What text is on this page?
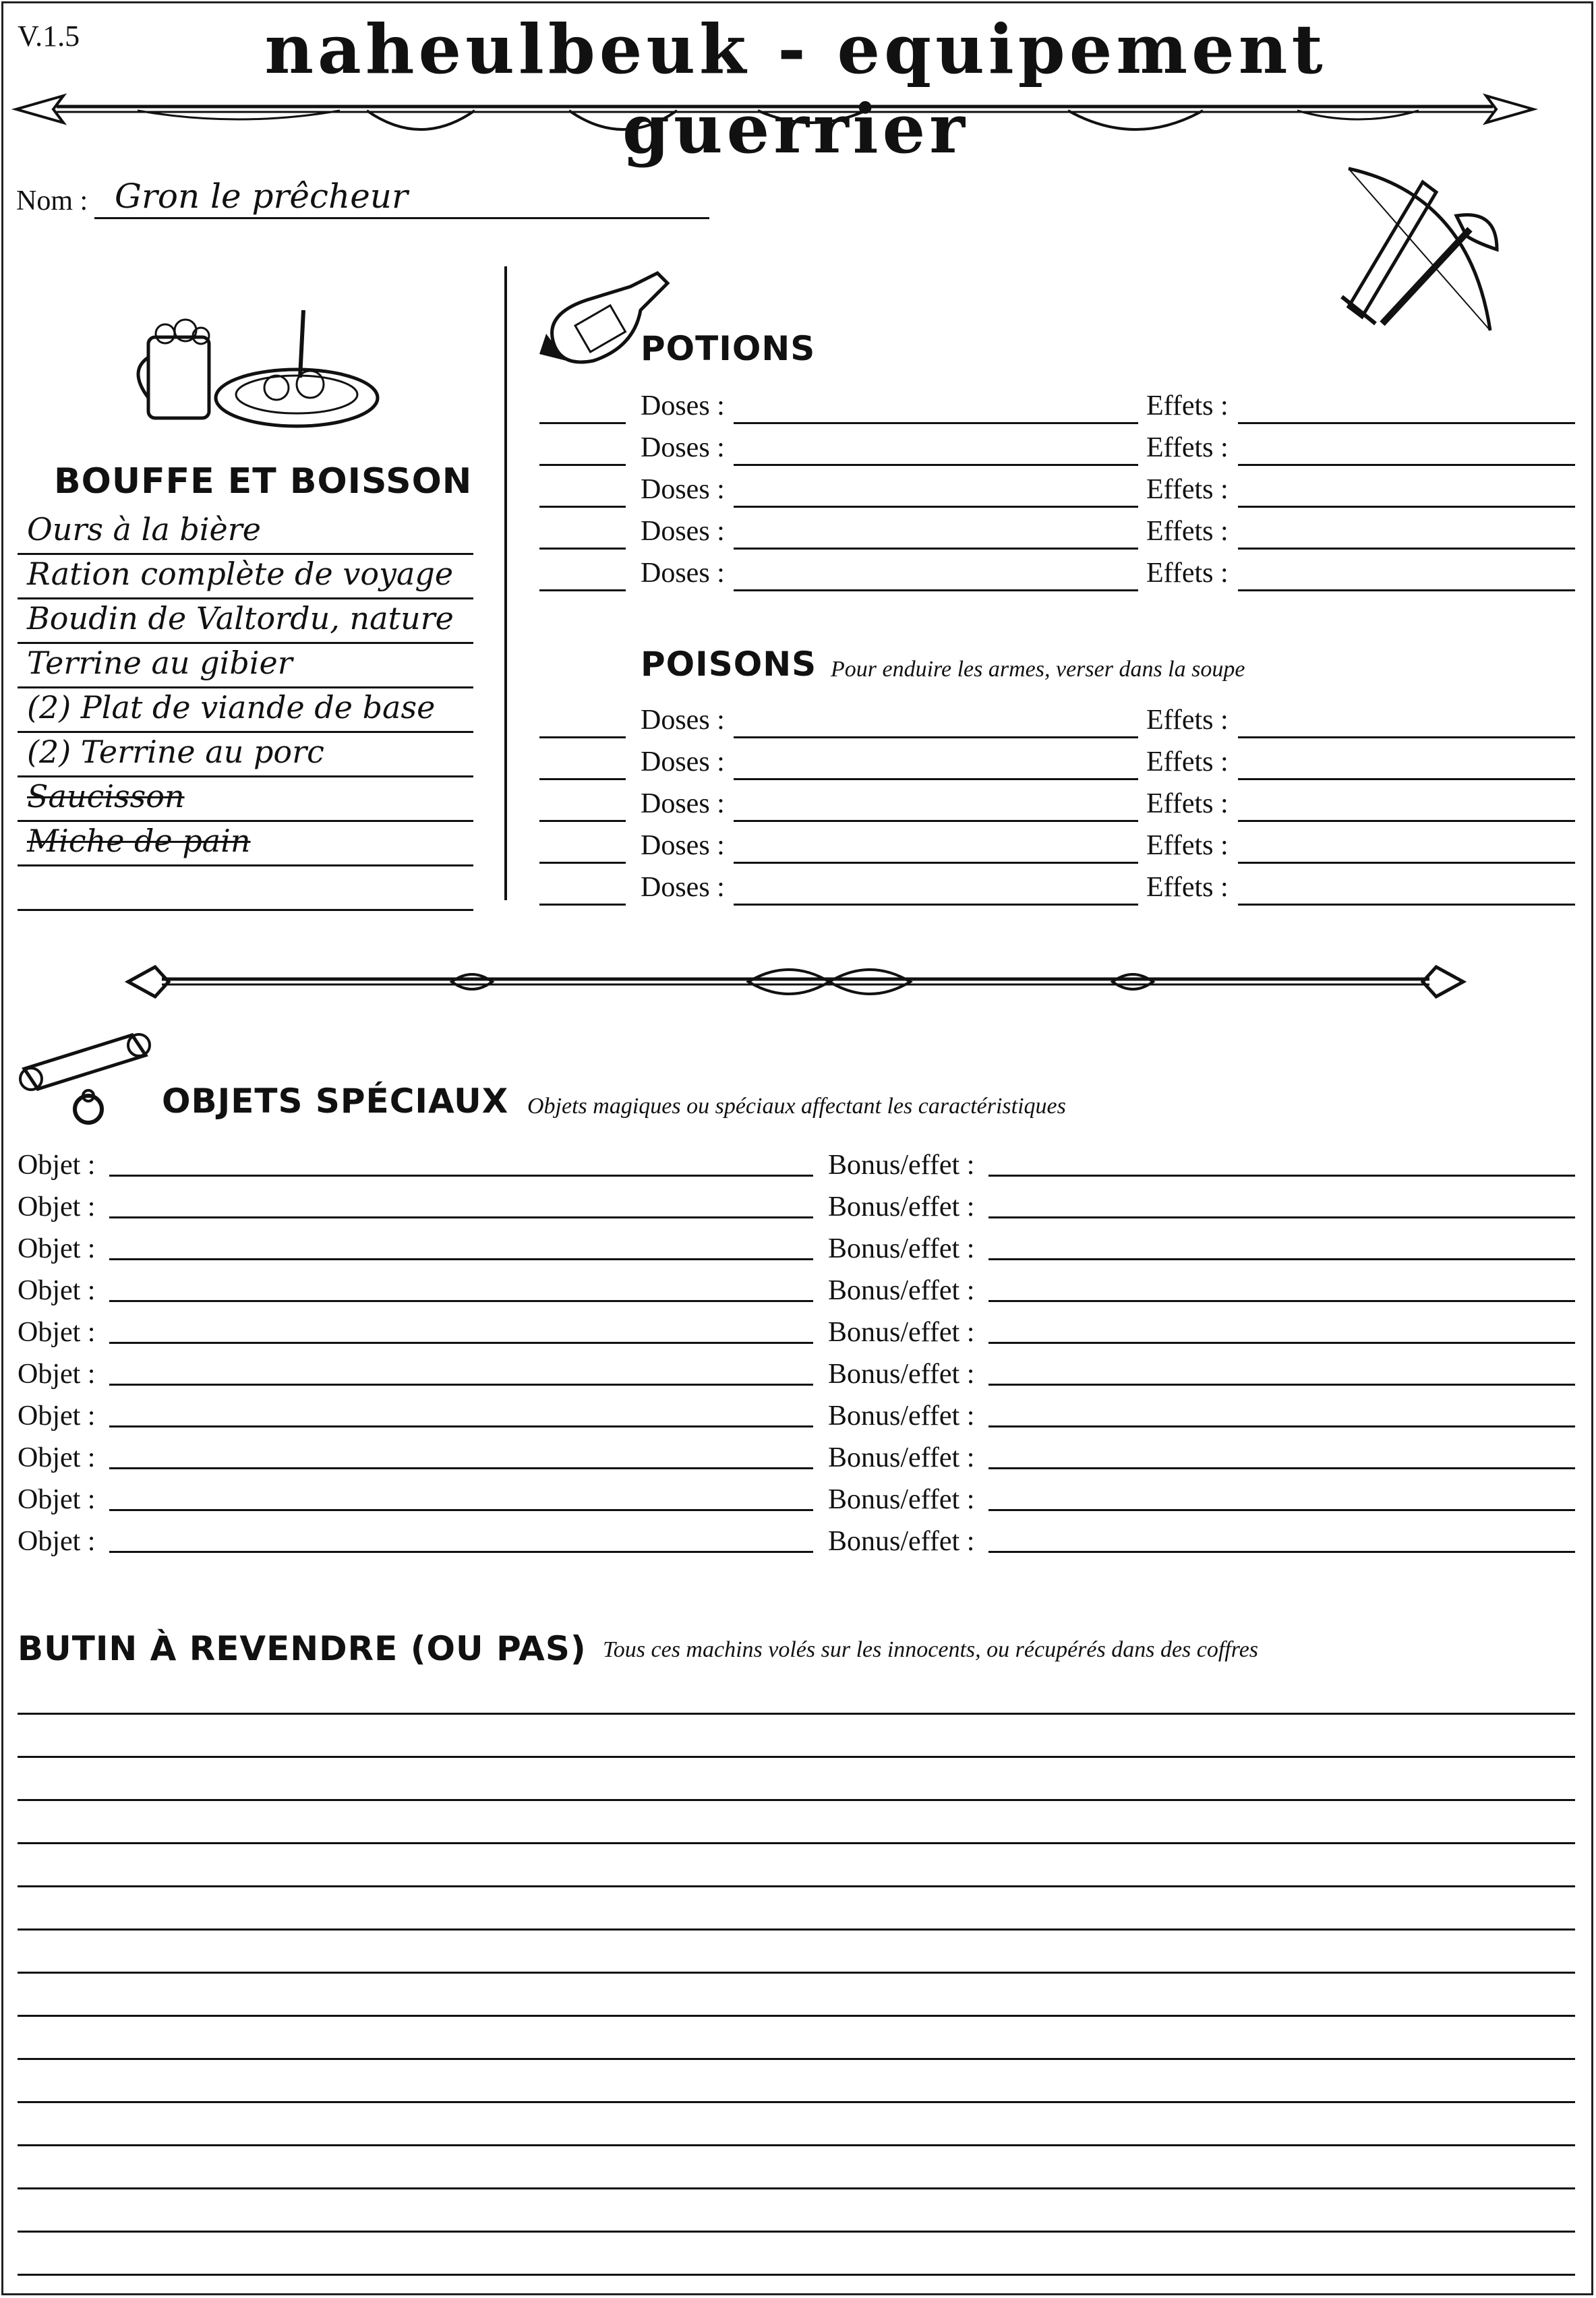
V.1.5	naheulbeuk - equipement guerrier
Nom : Gron le prêcheur
BOUFFE ET BOISSON
Ours à la bière
Ration complète de voyage
Boudin de Valtordu, nature
Terrine au gibier
(2) Plat de viande de base
(2) Terrine au porc
Saucisson
Miche de pain
POTIONS
Doses :	Effets :
Doses :	Effets :
Doses :	Effets :
Doses :	Effets :
Doses :	Effets :
POISONS Pour enduire les armes, verser dans la soupe
Doses :	Effets :
Doses :	Effets :
Doses :	Effets :
Doses :	Effets :
Doses :	Effets :
OBJETS SPÉCIAUX Objets magiques ou spéciaux affectant les caractéristiques
Objet :	Bonus/effet :
Objet :	Bonus/effet :
Objet :	Bonus/effet :
Objet :	Bonus/effet :
Objet :	Bonus/effet :
Objet :	Bonus/effet :
Objet :	Bonus/effet :
Objet :	Bonus/effet :
Objet :	Bonus/effet :
Objet :	Bonus/effet :
BUTIN À REVENDRE (OU PAS) Tous ces machins volés sur les innocents, ou récupérés dans des coffres
